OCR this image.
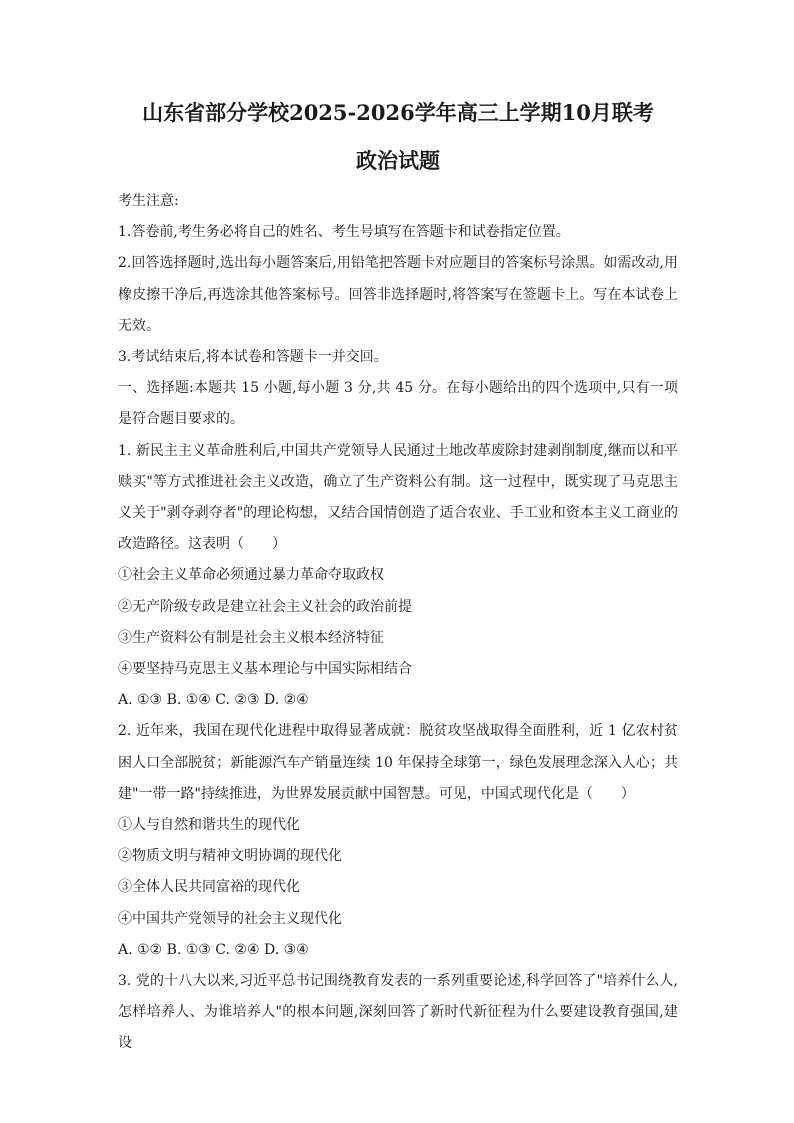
山东省部分学校2025-2026学年高三上学期10月联考
政治试题
考生注意:
1.答卷前,考生务必将自己的姓名、考生号填写在答题卡和试卷指定位置。
2.回答选择题时,选出每小题答案后,用铅笔把答题卡对应题目的答案标号涂黑。如需改动,用橡皮擦干净后,再选涂其他答案标号。回答非选择题时,将答案写在签题卡上。写在本试卷上无效。
3.考试结束后,将本试卷和答题卡一并交回。
一、选择题:本题共 15 小题,每小题 3 分,共 45 分。在每小题给出的四个选项中,只有一项是符合题目要求的。
1. 新民主主义革命胜利后,中国共产党领导人民通过土地改革废除封建剥削制度,继而以和平赎买"等方式推进社会主义改造，确立了生产资料公有制。这一过程中，既实现了马克思主义关于"剥夺剥夺者"的理论构想，又结合国情创造了适合农业、手工业和资本主义工商业的改造路径。这表明（　　）
①社会主义革命必须通过暴力革命夺取政权
②无产阶级专政是建立社会主义社会的政治前提
③生产资料公有制是社会主义根本经济特征
④要坚持马克思主义基本理论与中国实际相结合
A. ①③ B. ①④ C. ②③ D. ②④
2. 近年来，我国在现代化进程中取得显著成就：脱贫攻坚战取得全面胜利，近 1 亿农村贫困人口全部脱贫；新能源汽车产销量连续 10 年保持全球第一，绿色发展理念深入人心；共建"一带一路"持续推进，为世界发展贡献中国智慧。可见，中国式现代化是（　　）
①人与自然和谐共生的现代化
②物质文明与精神文明协调的现代化
③全体人民共同富裕的现代化
④中国共产党领导的社会主义现代化
A. ①② B. ①③ C. ②④ D. ③④
3. 党的十八大以来,习近平总书记围绕教育发表的一系列重要论述,科学回答了"培养什么人,怎样培养人、为谁培养人"的根本问题,深刻回答了新时代新征程为什么要建设教育强国,建设
